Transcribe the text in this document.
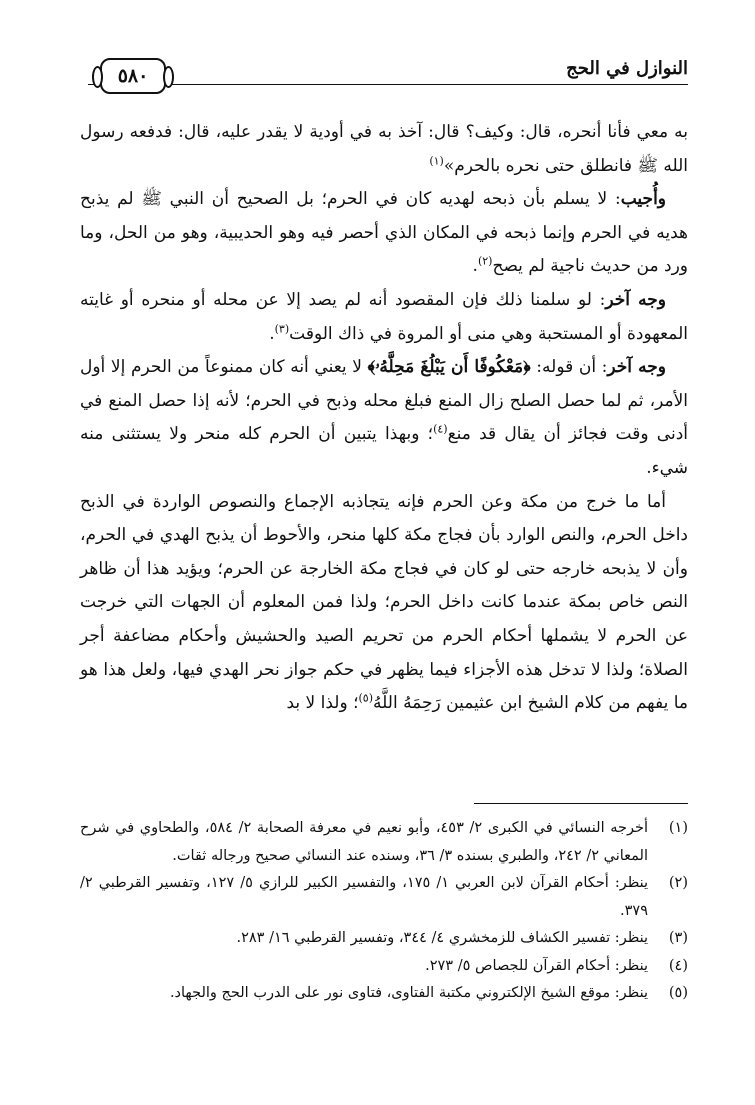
النوازل في الحج
٥٨٠

به معي فأنا أنحره، قال: وكيف؟ قال: آخذ به في أودية لا يقدر عليه، قال: فدفعه رسول الله ﷺ فانطلق حتى نحره بالحرم»$^{(١)}$

وأُجيب: لا يسلم بأن ذبحه لهديه كان في الحرم؛ بل الصحيح أن النبي ﷺ لم يذبح هديه في الحرم وإنما ذبحه في المكان الذي أحصر فيه وهو الحديبية، وهو من الحل، وما ورد من حديث ناجية لم يصح$^{(٢)}$.

وجه آخر: لو سلمنا ذلك فإن المقصود أنه لم يصد إلا عن محله أو منحره أو غايته المعهودة أو المستحبة وهي منى أو المروة في ذاك الوقت$^{(٣)}$.

وجه آخر: أن قوله: ﴿مَعْكُوفًا أَن يَبْلُغَ مَحِلَّهُۥ﴾ لا يعني أنه كان ممنوعاً من الحرم إلا أول الأمر، ثم لما حصل الصلح زال المنع فبلغ محله وذبح في الحرم؛ لأنه إذا حصل المنع في أدنى وقت فجائز أن يقال قد منع$^{(٤)}$؛ وبهذا يتبين أن الحرم كله منحر ولا يستثنى منه شيء.

أما ما خرج من مكة وعن الحرم فإنه يتجاذبه الإجماع والنصوص الواردة في الذبح داخل الحرم، والنص الوارد بأن فجاج مكة كلها منحر، والأحوط أن يذبح الهدي في الحرم، وأن لا يذبحه خارجه حتى لو كان في فجاج مكة الخارجة عن الحرم؛ ويؤيد هذا أن ظاهر النص خاص بمكة عندما كانت داخل الحرم؛ ولذا فمن المعلوم أن الجهات التي خرجت عن الحرم لا يشملها أحكام الحرم من تحريم الصيد والحشيش وأحكام مضاعفة أجر الصلاة؛ ولذا لا تدخل هذه الأجزاء فيما يظهر في حكم جواز نحر الهدي فيها، ولعل هذا هو ما يفهم من كلام الشيخ ابن عثيمين رَحِمَهُ اللَّهُ$^{(٥)}$؛ ولذا لا بد

(١)
أخرجه النسائي في الكبرى ٢/ ٤٥٣، وأبو نعيم في معرفة الصحابة ٢/ ٥٨٤، والطحاوي في شرح المعاني ٢/ ٢٤٢، والطبري بسنده ٣/ ٣٦، وسنده عند النسائي صحيح ورجاله ثقات.
(٢)
ينظر: أحكام القرآن لابن العربي ١/ ١٧٥، والتفسير الكبير للرازي ٥/ ١٢٧، وتفسير القرطبي ٢/ ٣٧٩.
(٣)
ينظر: تفسير الكشاف للزمخشري ٤/ ٣٤٤، وتفسير القرطبي ١٦/ ٢٨٣.
(٤)
ينظر: أحكام القرآن للجصاص ٥/ ٢٧٣.
(٥)
ينظر: موقع الشيخ الإلكتروني مكتبة الفتاوى، فتاوى نور على الدرب الحج والجهاد.
